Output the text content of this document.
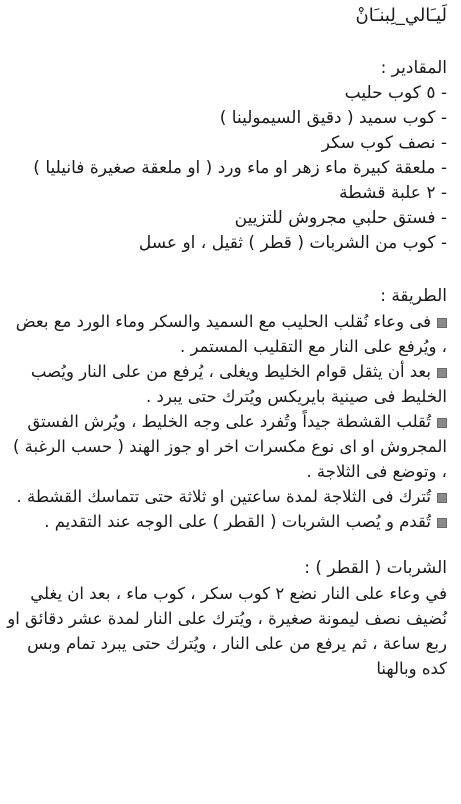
لَيـَالي_لِبنـَانْ
المقادير :
- ٥ كوب حليب
- كوب سميد ( دقيق السيمولينا )
- نصف كوب سكر
- ملعقة كبيرة ماء زهر او ماء ورد ( او ملعقة صغيرة فانيليا )
- ٢ علبة قشطة
- فستق حلبي مجروش للتزيين
- كوب من الشربات ( قطر ) ثقيل ، او عسل
الطريقة :
فى وعاء نُقلب الحليب مع السميد والسكر وماء الورد مع بعض ، ويُرفع على النار مع التقليب المستمر .
بعد أن يثقل قوام الخليط ويغلى ، يُرفع من على النار ويُصب الخليط فى صينية بايريكس ويُترك حتى يبرد .
تُقلب القشطة جيداً وتُفرد على وجه الخليط ، ويُرش الفستق المجروش او اى نوع مكسرات اخر او جوز الهند ( حسب الرغبة ) ، وتوضع فى الثلاجة .
تُترك فى الثلاجة لمدة ساعتين او ثلاثة حتى تتماسك القشطة .
تُقدم و يُصب الشربات ( القطر ) على الوجه عند التقديم .
الشربات ( القطر ) :

في وعاء على النار نضع ٢ كوب سكر ، كوب ماء ، بعد ان يغلي نُضيف نصف ليمونة صغيرة ، ويُترك على النار لمدة عشر دقائق او ربع ساعة ، ثم يرفع من على النار ، ويُترك حتى يبرد تمام وبس كده وبالهنا
